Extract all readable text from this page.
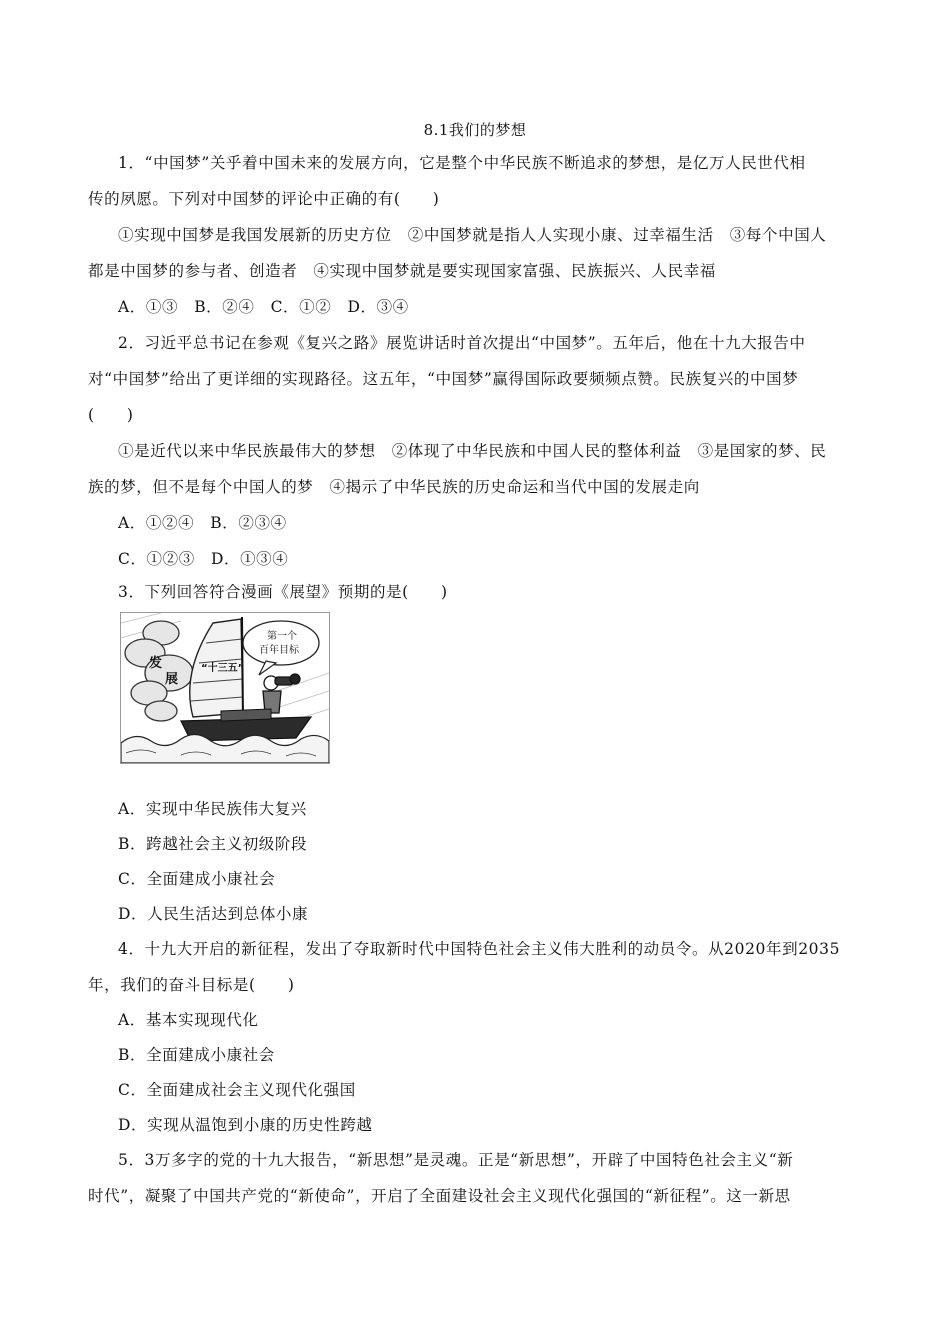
8.1我们的梦想
1．“中国梦”关乎着中国未来的发展方向，它是整个中华民族不断追求的梦想，是亿万人民世代相
传的夙愿。下列对中国梦的评论中正确的有(　　)
①实现中国梦是我国发展新的历史方位　②中国梦就是指人人实现小康、过幸福生活　③每个中国人
都是中国梦的参与者、创造者　④实现中国梦就是要实现国家富强、民族振兴、人民幸福
A．①③　B．②④　C．①②　D．③④
2．习近平总书记在参观《复兴之路》展览讲话时首次提出“中国梦”。五年后，他在十九大报告中
对“中国梦”给出了更详细的实现路径。这五年，“中国梦”赢得国际政要频频点赞。民族复兴的中国梦
(　　)
①是近代以来中华民族最伟大的梦想　②体现了中华民族和中国人民的整体利益　③是国家的梦、民
族的梦，但不是每个中国人的梦　④揭示了中华民族的历史命运和当代中国的发展走向
A．①②④　B．②③④
C．①②③　D．①③④
3．下列回答符合漫画《展望》预期的是(　　)
发
展
“十三五”
第一个
百年目标
A．实现中华民族伟大复兴
B．跨越社会主义初级阶段
C．全面建成小康社会
D．人民生活达到总体小康
4．十九大开启的新征程，发出了夺取新时代中国特色社会主义伟大胜利的动员令。从2020年到2035
年，我们的奋斗目标是(　　)
A．基本实现现代化
B．全面建成小康社会
C．全面建成社会主义现代化强国
D．实现从温饱到小康的历史性跨越
5．3万多字的党的十九大报告，“新思想”是灵魂。正是“新思想”，开辟了中国特色社会主义“新
时代”，凝聚了中国共产党的“新使命”，开启了全面建设社会主义现代化强国的“新征程”。这一新思
